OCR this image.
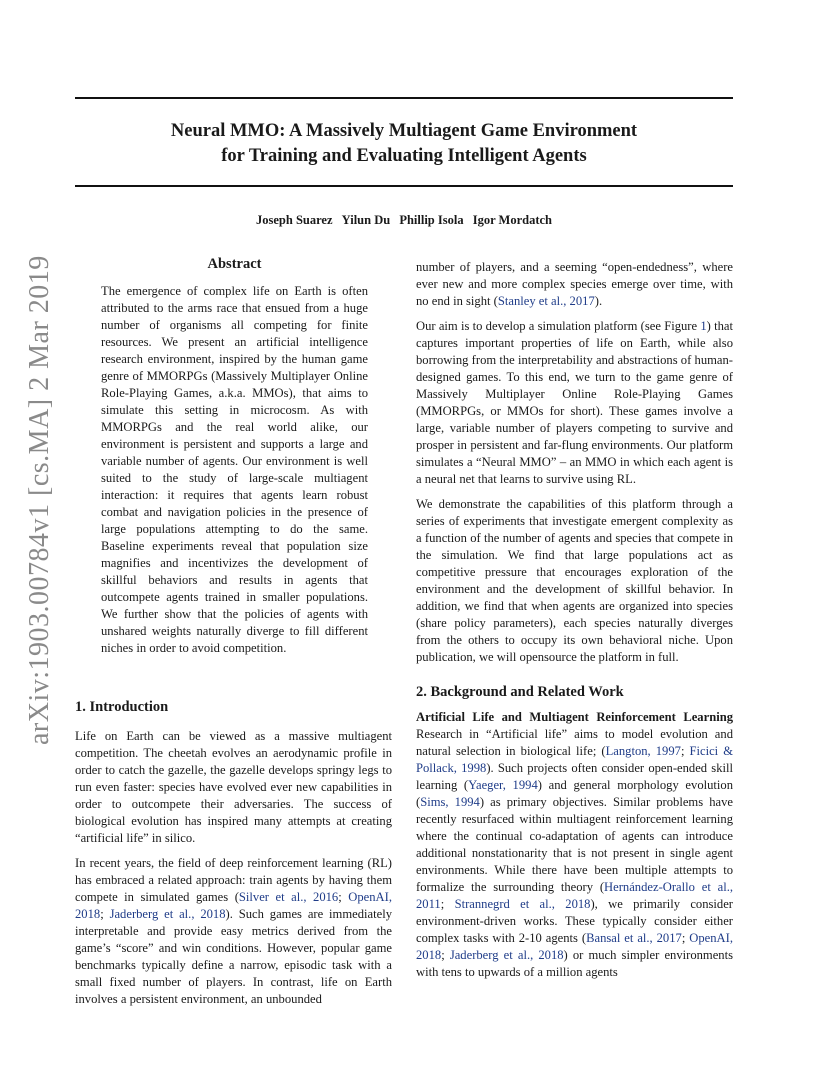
Neural MMO: A Massively Multiagent Game Environment
for Training and Evaluating Intelligent Agents
Joseph Suarez Yilun Du Phillip Isola Igor Mordatch
arXiv:1903.00784v1 [cs.MA] 2 Mar 2019	Abstract

The emergence of complex life on Earth is often attributed to the arms race that ensued from a huge number of organisms all competing for finite resources. We present an artificial intelligence research environment, inspired by the human game genre of MMORPGs (Massively Multiplayer Online Role-Playing Games, a.k.a. MMOs), that aims to simulate this setting in microcosm. As with MMORPGs and the real world alike, our environment is persistent and supports a large and variable number of agents. Our environment is well suited to the study of large-scale multiagent interaction: it requires that agents learn robust combat and navigation policies in the presence of large populations attempting to do the same. Baseline experiments reveal that population size magnifies and incentivizes the development of skillful behaviors and results in agents that outcompete agents trained in smaller populations. We further show that the policies of agents with unshared weights naturally diverge to fill different niches in order to avoid competition.

1. Introduction

Life on Earth can be viewed as a massive multiagent competition. The cheetah evolves an aerodynamic profile in order to catch the gazelle, the gazelle develops springy legs to run even faster: species have evolved ever new capabilities in order to outcompete their adversaries. The success of biological evolution has inspired many attempts at creating “artificial life” in silico.

In recent years, the field of deep reinforcement learning (RL) has embraced a related approach: train agents by having them compete in simulated games (Silver et al., 2016; OpenAI, 2018; Jaderberg et al., 2018). Such games are immediately interpretable and provide easy metrics derived from the game’s “score” and win conditions. However, popular game benchmarks typically define a narrow, episodic task with a small fixed number of players. In contrast, life on Earth involves a persistent environment, an unbounded

number of players, and a seeming “open-endedness”, where ever new and more complex species emerge over time, with no end in sight (Stanley et al., 2017).

Our aim is to develop a simulation platform (see Figure 1) that captures important properties of life on Earth, while also borrowing from the interpretability and abstractions of human-designed games. To this end, we turn to the game genre of Massively Multiplayer Online Role-Playing Games (MMORPGs, or MMOs for short). These games involve a large, variable number of players competing to survive and prosper in persistent and far-flung environments. Our platform simulates a “Neural MMO” – an MMO in which each agent is a neural net that learns to survive using RL.

We demonstrate the capabilities of this platform through a series of experiments that investigate emergent complexity as a function of the number of agents and species that compete in the simulation. We find that large populations act as competitive pressure that encourages exploration of the environment and the development of skillful behavior. In addition, we find that when agents are organized into species (share policy parameters), each species naturally diverges from the others to occupy its own behavioral niche. Upon publication, we will opensource the platform in full.

2. Background and Related Work

Artificial Life and Multiagent Reinforcement Learning Research in “Artificial life” aims to model evolution and natural selection in biological life; (Langton, 1997; Ficici & Pollack, 1998). Such projects often consider open-ended skill learning (Yaeger, 1994) and general morphology evolution (Sims, 1994) as primary objectives. Similar problems have recently resurfaced within multiagent reinforcement learning where the continual co-adaptation of agents can introduce additional nonstationarity that is not present in single agent environments. While there have been multiple attempts to formalize the surrounding theory (Hernández-Orallo et al., 2011; Strannegrd et al., 2018), we primarily consider environment-driven works. These typically consider either complex tasks with 2-10 agents (Bansal et al., 2017; OpenAI, 2018; Jaderberg et al., 2018) or much simpler environments with tens to upwards of a million agents
